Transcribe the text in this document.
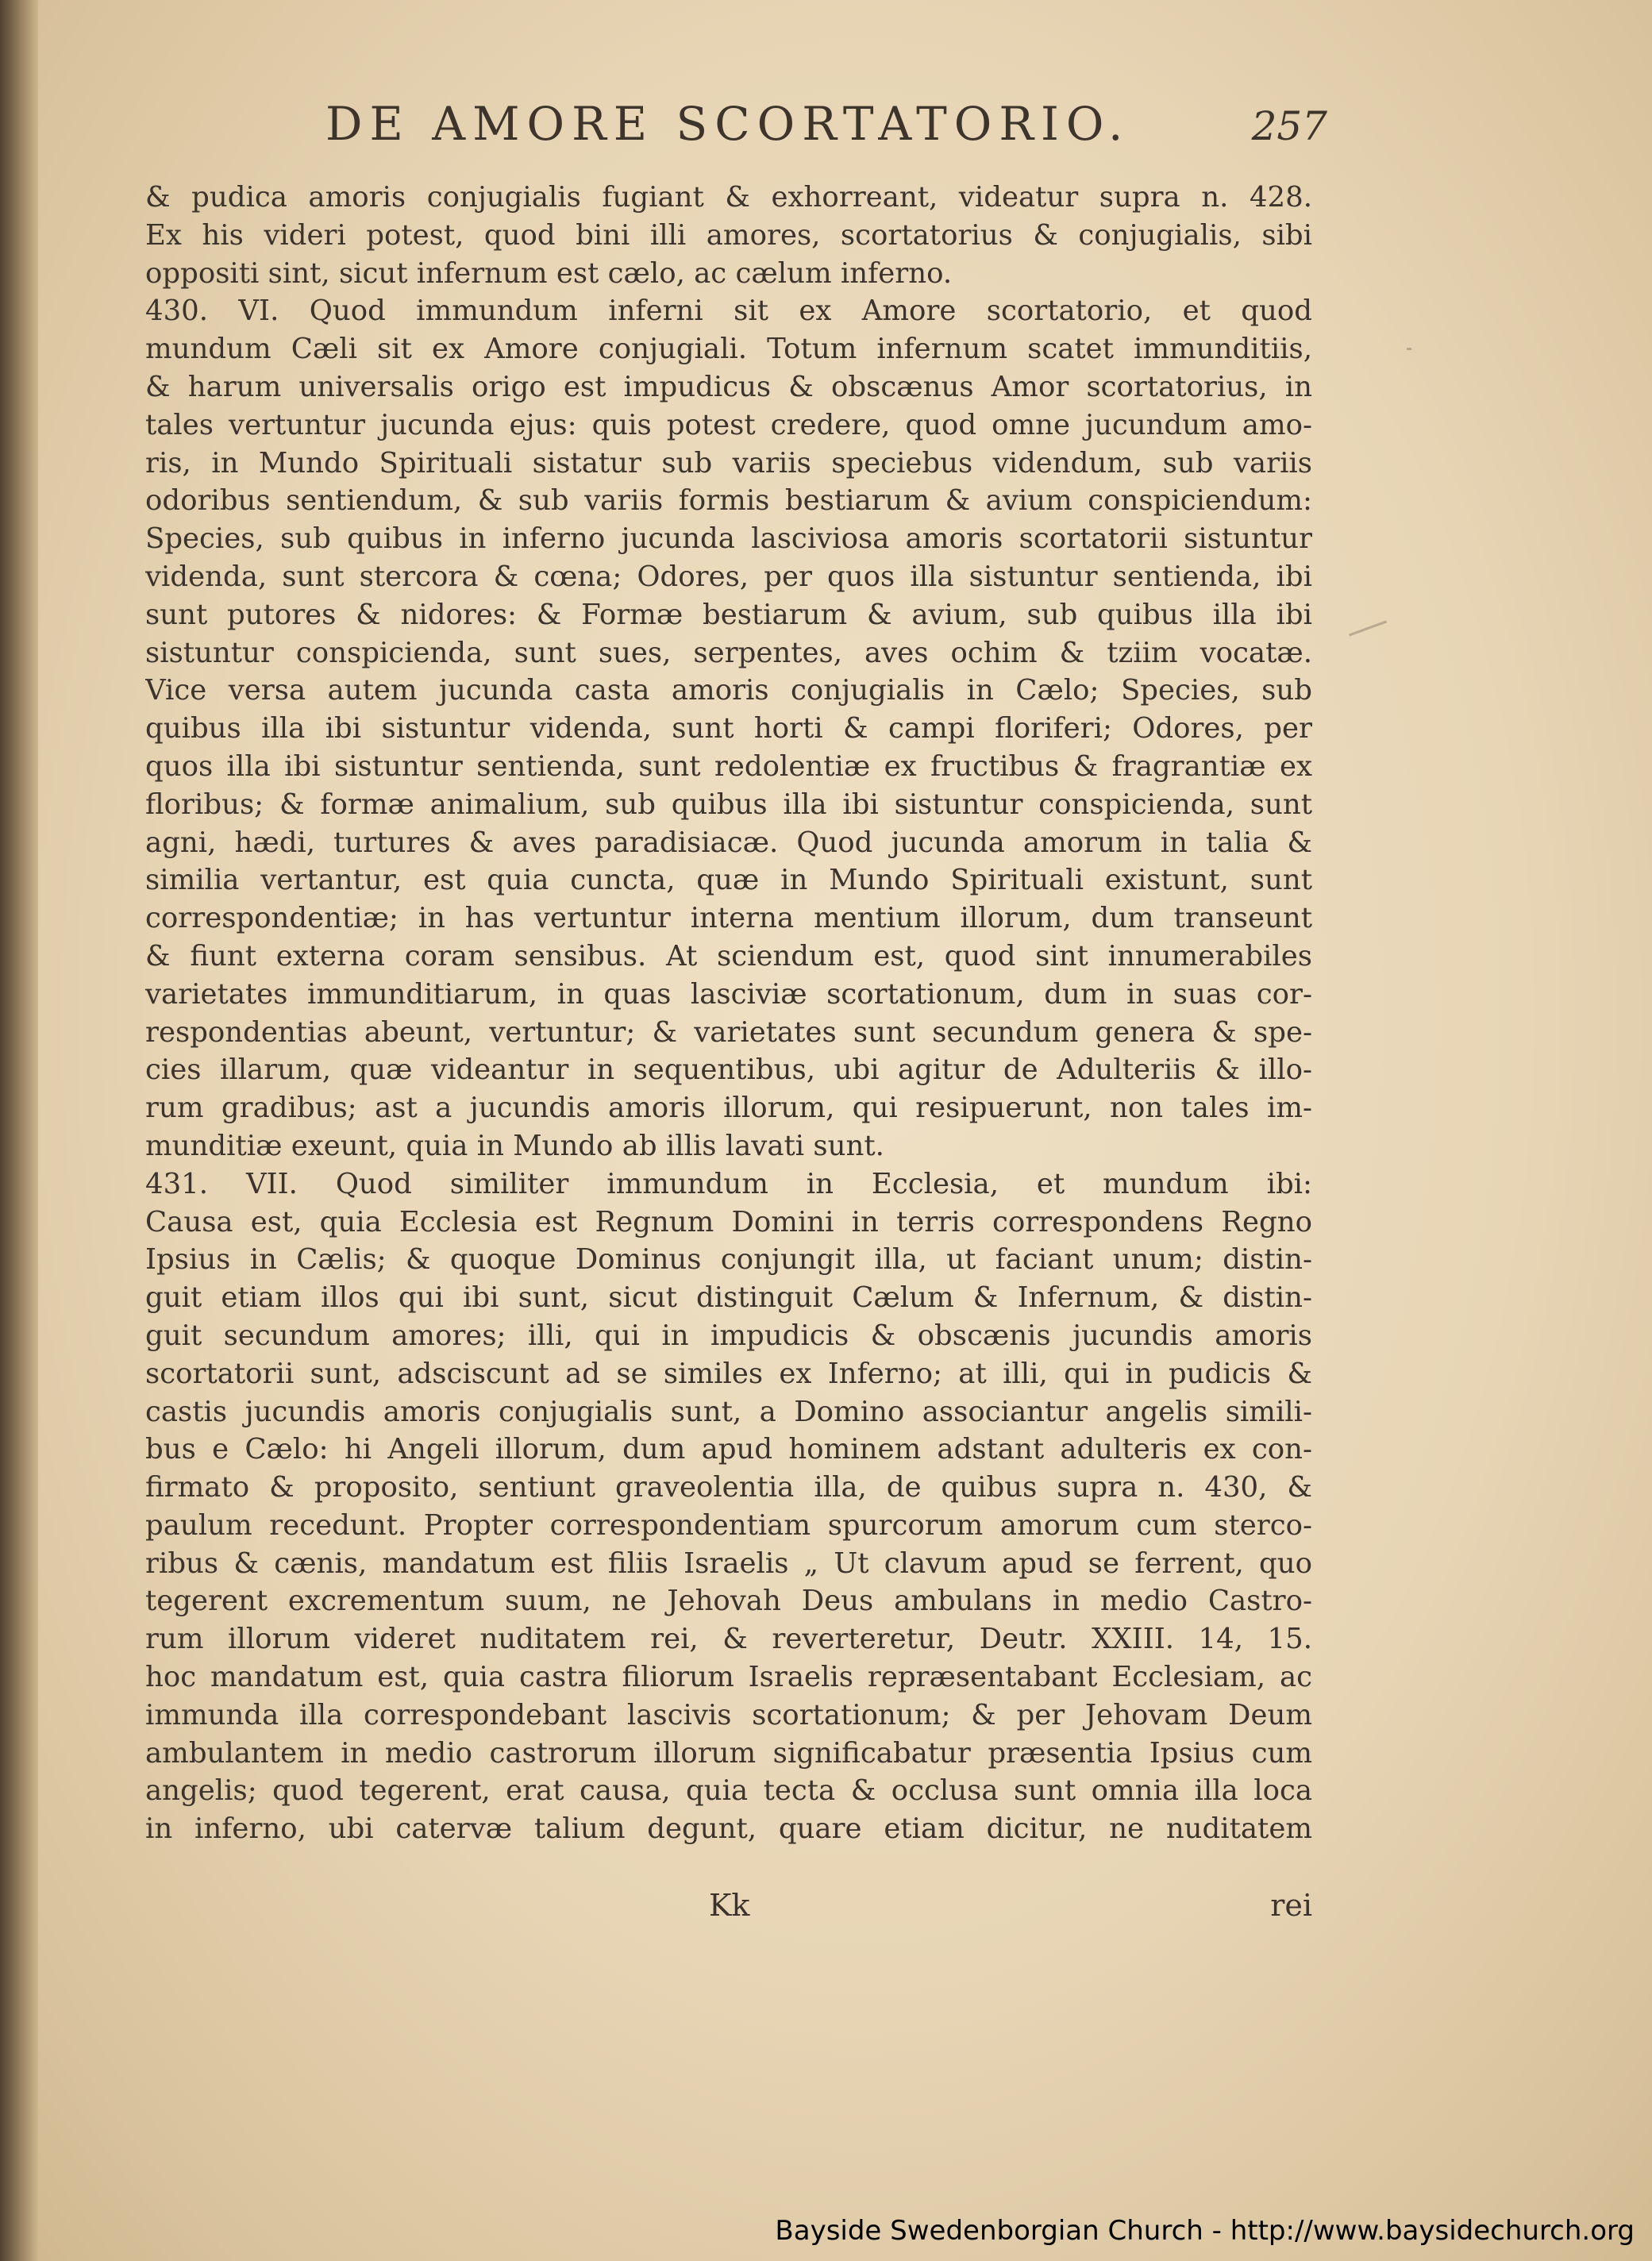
DE AMORE SCORTATORIO.	257
& pudica amoris conjugialis fugiant & exhorreant, videatur supra n. 428.
Ex his videri potest, quod bini illi amores, scortatorius & conjugialis, sibi
oppositi sint, sicut infernum est cælo, ac cælum inferno.
430. VI. Quod immundum inferni sit ex Amore scortatorio, et quod
mundum Cæli sit ex Amore conjugiali. Totum infernum scatet immunditiis,
& harum universalis origo est impudicus & obscænus Amor scortatorius, in
tales vertuntur jucunda ejus: quis potest credere, quod omne jucundum amo-
ris, in Mundo Spirituali sistatur sub variis speciebus videndum, sub variis
odoribus sentiendum, & sub variis formis bestiarum & avium conspiciendum:
Species, sub quibus in inferno jucunda lasciviosa amoris scortatorii sistuntur
videnda, sunt stercora & cœna; Odores, per quos illa sistuntur sentienda, ibi
sunt putores & nidores: & Formæ bestiarum & avium, sub quibus illa ibi
sistuntur conspicienda, sunt sues, serpentes, aves ochim & tziim vocatæ.
Vice versa autem jucunda casta amoris conjugialis in Cælo; Species, sub
quibus illa ibi sistuntur videnda, sunt horti & campi floriferi; Odores, per
quos illa ibi sistuntur sentienda, sunt redolentiæ ex fructibus & fragrantiæ ex
floribus; & formæ animalium, sub quibus illa ibi sistuntur conspicienda, sunt
agni, hædi, turtures & aves paradisiacæ. Quod jucunda amorum in talia &
similia vertantur, est quia cuncta, quæ in Mundo Spirituali existunt, sunt
correspondentiæ; in has vertuntur interna mentium illorum, dum transeunt
& fiunt externa coram sensibus. At sciendum est, quod sint innumerabiles
varietates immunditiarum, in quas lasciviæ scortationum, dum in suas cor-
respondentias abeunt, vertuntur; & varietates sunt secundum genera & spe-
cies illarum, quæ videantur in sequentibus, ubi agitur de Adulteriis & illo-
rum gradibus; ast a jucundis amoris illorum, qui resipuerunt, non tales im-
munditiæ exeunt, quia in Mundo ab illis lavati sunt.
431. VII. Quod similiter immundum in Ecclesia, et mundum ibi:
Causa est, quia Ecclesia est Regnum Domini in terris correspondens Regno
Ipsius in Cælis; & quoque Dominus conjungit illa, ut faciant unum; distin-
guit etiam illos qui ibi sunt, sicut distinguit Cælum & Infernum, & distin-
guit secundum amores; illi, qui in impudicis & obscænis jucundis amoris
scortatorii sunt, adsciscunt ad se similes ex Inferno; at illi, qui in pudicis &
castis jucundis amoris conjugialis sunt, a Domino associantur angelis simili-
bus e Cælo: hi Angeli illorum, dum apud hominem adstant adulteris ex con-
firmato & proposito, sentiunt graveolentia illa, de quibus supra n. 430, &
paulum recedunt. Propter correspondentiam spurcorum amorum cum sterco-
ribus & cænis, mandatum est filiis Israelis „ Ut clavum apud se ferrent, quo
tegerent excrementum suum, ne Jehovah Deus ambulans in medio Castro-
rum illorum videret nuditatem rei, & reverteretur, Deutr. XXIII. 14, 15.
hoc mandatum est, quia castra filiorum Israelis repræsentabant Ecclesiam, ac
immunda illa correspondebant lascivis scortationum; & per Jehovam Deum
ambulantem in medio castrorum illorum significabatur præsentia Ipsius cum
angelis; quod tegerent, erat causa, quia tecta & occlusa sunt omnia illa loca
in inferno, ubi catervæ talium degunt, quare etiam dicitur, ne nuditatem
Kk	rei
Bayside Swedenborgian Church - http://www.baysidechurch.org
